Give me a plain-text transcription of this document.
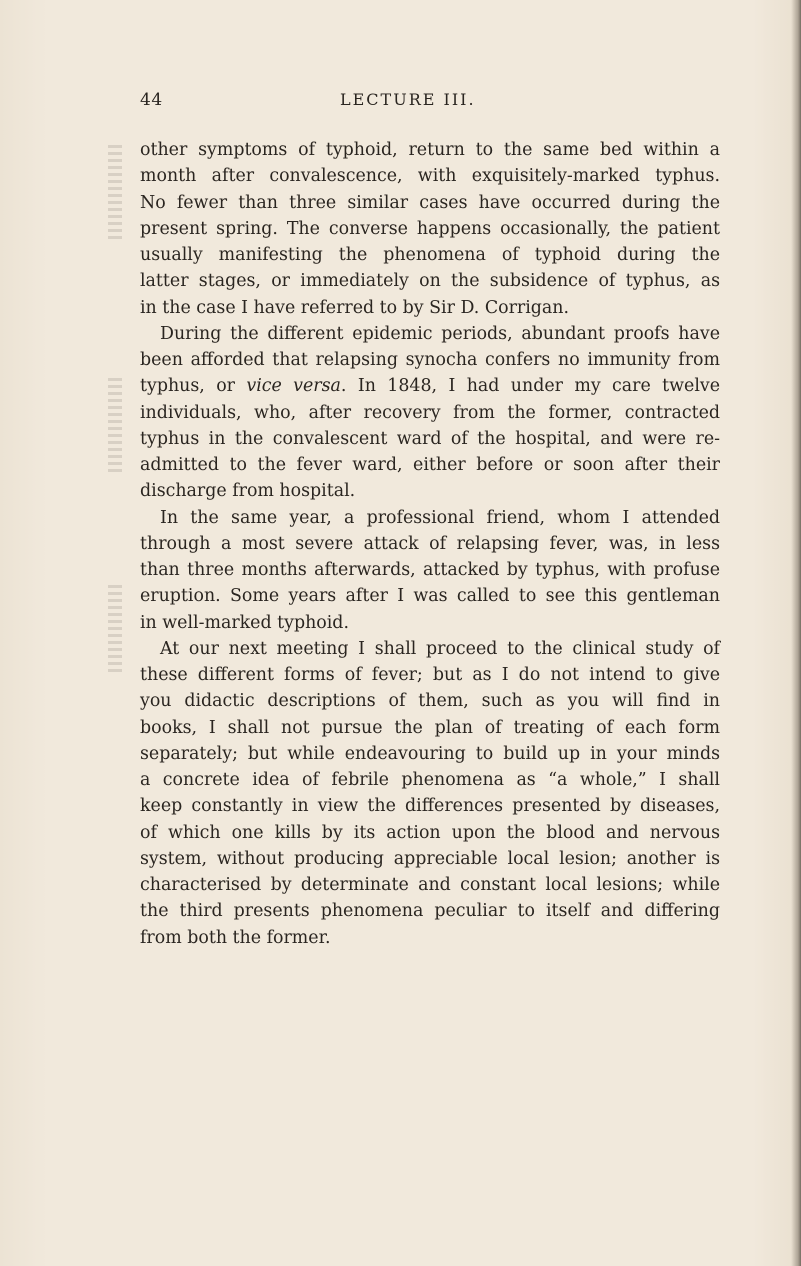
44	LECTURE III.
other symptoms of typhoid, return to the same bed within a
month after convalescence, with exquisitely-marked typhus.
No fewer than three similar cases have occurred during the
present spring. The converse happens occasionally, the patient
usually manifesting the phenomena of typhoid during the
latter stages, or immediately on the subsidence of typhus, as
in the case I have referred to by Sir D. Corrigan.
During the different epidemic periods, abundant proofs have
been afforded that relapsing synocha confers no immunity from
typhus, or vice versa. In 1848, I had under my care twelve
individuals, who, after recovery from the former, contracted
typhus in the convalescent ward of the hospital, and were re-
admitted to the fever ward, either before or soon after their
discharge from hospital.
In the same year, a professional friend, whom I attended
through a most severe attack of relapsing fever, was, in less
than three months afterwards, attacked by typhus, with profuse
eruption. Some years after I was called to see this gentleman
in well-marked typhoid.
At our next meeting I shall proceed to the clinical study of
these different forms of fever; but as I do not intend to give
you didactic descriptions of them, such as you will find in
books, I shall not pursue the plan of treating of each form
separately; but while endeavouring to build up in your minds
a concrete idea of febrile phenomena as “a whole,” I shall
keep constantly in view the differences presented by diseases,
of which one kills by its action upon the blood and nervous
system, without producing appreciable local lesion; another is
characterised by determinate and constant local lesions; while
the third presents phenomena peculiar to itself and differing
from both the former.
